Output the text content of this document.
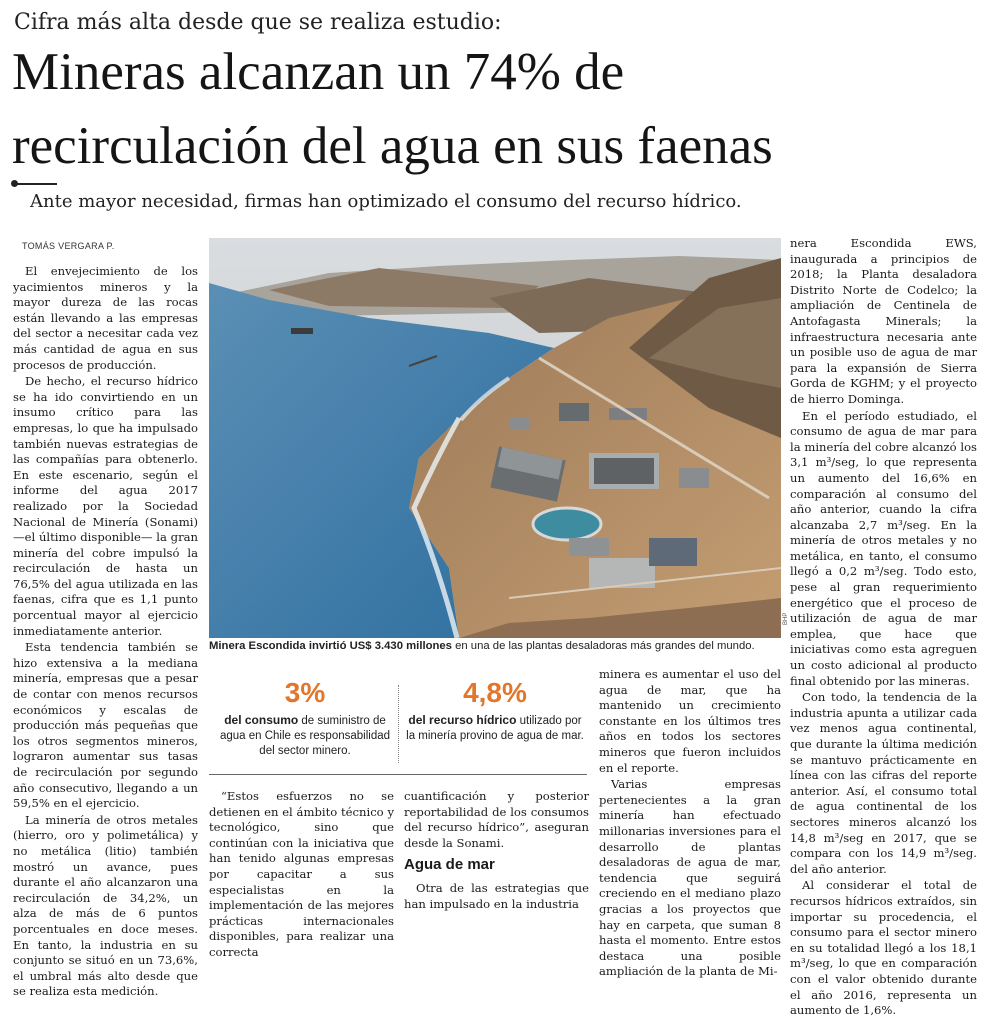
Cifra más alta desde que se realiza estudio:
Mineras alcanzan un 74% de
recirculación del agua en sus faenas
Ante mayor necesidad, firmas han optimizado el consumo del recurso hídrico.
TOMÁS VERGARA P.

El envejecimiento de los yacimientos mineros y la mayor dureza de las rocas están llevando a las empresas del sector a necesitar cada vez más cantidad de agua en sus procesos de producción.

De hecho, el recurso hídrico se ha ido convirtiendo en un insumo crítico para las empresas, lo que ha impulsado también nuevas estrategias de las compañías para obtenerlo. En este escenario, según el informe del agua 2017 realizado por la Sociedad Nacional de Minería (Sonami) —el último disponible— la gran minería del cobre impulsó la recirculación de hasta un 76,5% del agua utilizada en las faenas, cifra que es 1,1 punto porcentual mayor al ejercicio inmediatamente anterior.

Esta tendencia también se hizo extensiva a la mediana minería, empresas que a pesar de contar con menos recursos económicos y escalas de producción más pequeñas que los otros segmentos mineros, lograron aumentar sus tasas de recirculación por segundo año consecutivo, llegando a un 59,5% en el ejercicio.

La minería de otros metales (hierro, oro y polimetálica) y no metálica (litio) también mostró un avance, pues durante el año alcanzaron una recirculación de 34,2%, un alza de más de 6 puntos porcentuales en doce meses. En tanto, la industria en su conjunto se situó en un 73,6%, el umbral más alto desde que se realiza esta medición.

BHP
Minera Escondida invirtió US$ 3.430 millones en una de las plantas desaladoras más grandes del mundo.
3%
del consumo de suministro de agua en Chile es responsabilidad del sector minero.
4,8%
del recurso hídrico utilizado por la minería provino de agua de mar.

“Estos esfuerzos no se detienen en el ámbito técnico y tecnológico, sino que continúan con la iniciativa que han tenido algunas empresas por capacitar a sus especialistas en la implementación de las mejores prácticas internacionales disponibles, para realizar una correcta

cuantificación y posterior reportabilidad de los consumos del recurso hídrico”, aseguran desde la Sonami.

Agua de mar

Otra de las estrategias que han impulsado en la industria

minera es aumentar el uso del agua de mar, que ha mantenido un crecimiento constante en los últimos tres años en todos los sectores mineros que fueron incluidos en el reporte.

Varias empresas pertenecientes a la gran minería han efectuado millonarias inversiones para el desarrollo de plantas desaladoras de agua de mar, tendencia que seguirá creciendo en el mediano plazo gracias a los proyectos que hay en carpeta, que suman 8 hasta el momento. Entre estos destaca una posible ampliación de la planta de Mi-

nera Escondida EWS, inaugurada a principios de 2018; la Planta desaladora Distrito Norte de Codelco; la ampliación de Centinela de Antofagasta Minerals; la infraestructura necesaria ante un posible uso de agua de mar para la expansión de Sierra Gorda de KGHM; y el proyecto de hierro Dominga.

En el período estudiado, el consumo de agua de mar para la minería del cobre alcanzó los 3,1 m³/seg, lo que representa un aumento del 16,6% en comparación al consumo del año anterior, cuando la cifra alcanzaba 2,7 m³/seg. En la minería de otros metales y no metálica, en tanto, el consumo llegó a 0,2 m³/seg. Todo esto, pese al gran requerimiento energético que el proceso de utilización de agua de mar emplea, que hace que iniciativas como esta agreguen un costo adicional al producto final obtenido por las mineras.

Con todo, la tendencia de la industria apunta a utilizar cada vez menos agua continental, que durante la última medición se mantuvo prácticamente en línea con las cifras del reporte anterior. Así, el consumo total de agua continental de los sectores mineros alcanzó los 14,8 m³/seg en 2017, que se compara con los 14,9 m³/seg. del año anterior.

Al considerar el total de recursos hídricos extraídos, sin importar su procedencia, el consumo para el sector minero en su totalidad llegó a los 18,1 m³/seg, lo que en comparación con el valor obtenido durante el año 2016, representa un aumento de 1,6%.
